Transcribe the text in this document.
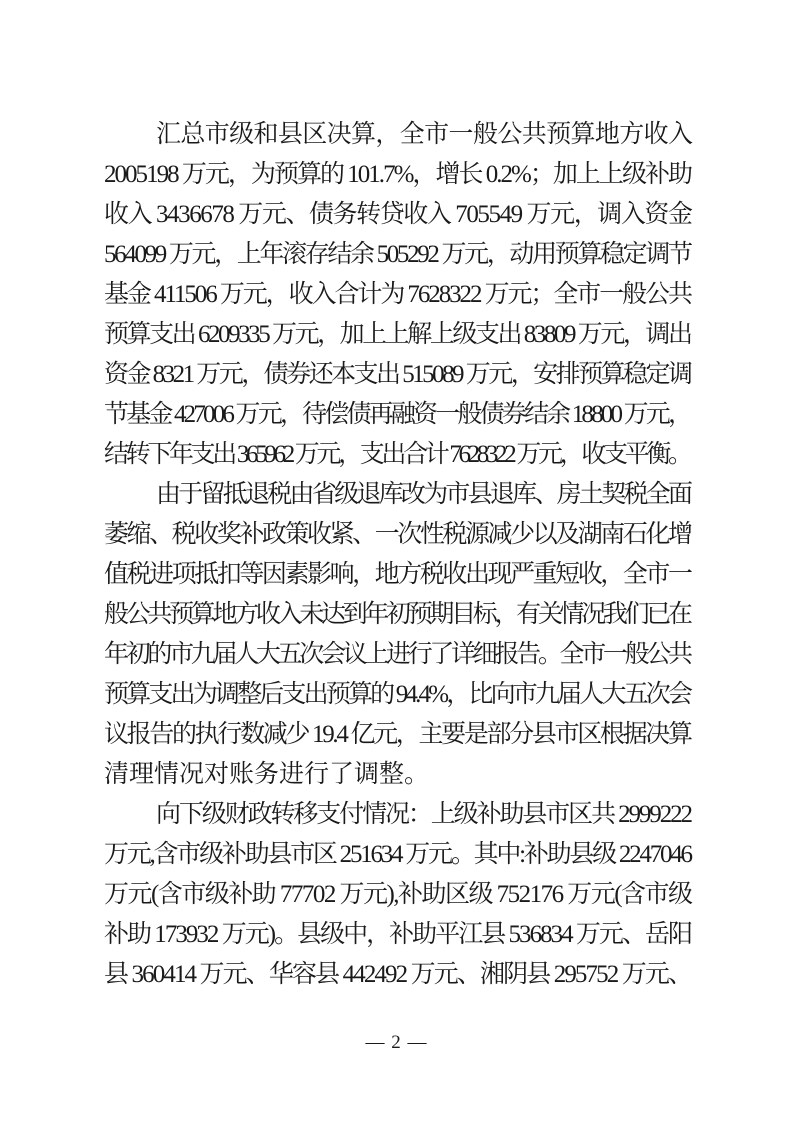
汇总市级和县区决算，全市一般公共预算地方收入
2005198 万元，为预算的 101.7%，增长 0.2%；加上上级补助
收入 3436678 万元、债务转贷收入 705549 万元，调入资金
564099 万元，上年滚存结余 505292 万元，动用预算稳定调节
基金 411506 万元，收入合计为 7628322 万元；全市一般公共
预算支出 6209335 万元，加上上解上级支出 83809 万元，调出
资金 8321 万元，债券还本支出 515089 万元，安排预算稳定调
节基金 427006 万元，待偿债再融资一般债券结余 18800 万元，
结转下年支出 365962 万元，支出合计 7628322 万元，收支平衡。
由于留抵退税由省级退库改为市县退库、房土契税全面
萎缩、税收奖补政策收紧、一次性税源减少以及湖南石化增
值税进项抵扣等因素影响，地方税收出现严重短收，全市一
般公共预算地方收入未达到年初预期目标，有关情况我们已在
年初的市九届人大五次会议上进行了详细报告。全市一般公共
预算支出为调整后支出预算的 94.4%，比向市九届人大五次会
议报告的执行数减少 19.4 亿元，主要是部分县市区根据决算
清理情况对账务进行了调整。
向下级财政转移支付情况：上级补助县市区共 2999222
万元,含市级补助县市区 251634 万元。其中:补助县级 2247046
万元(含市级补助 77702 万元),补助区级 752176 万元(含市级
补助 173932 万元)。县级中，补助平江县 536834 万元、岳阳
县 360414 万元、华容县 442492 万元、湘阴县 295752 万元、
— 2 —
